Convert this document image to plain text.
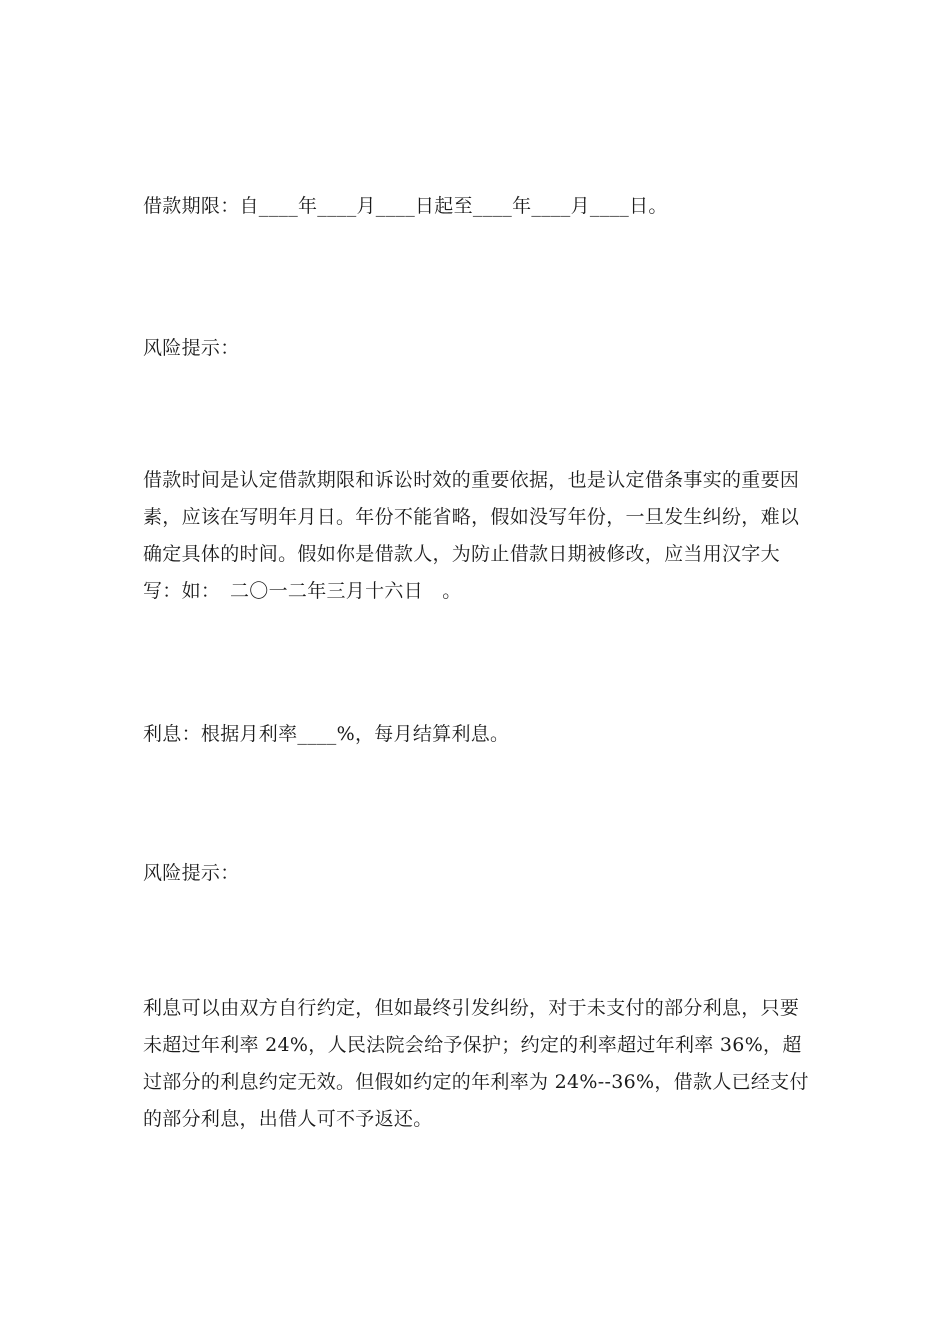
借款期限：自____年____月____日起至____年____月____日。

风险提示：

借款时间是认定借款期限和诉讼时效的重要依据，也是认定借条事实的重要因素，应该在写明年月日。年份不能省略，假如没写年份，一旦发生纠纷，难以确定具体的时间。假如你是借款人，为防止借款日期被修改，应当用汉字大写：如：　二〇一二年三月十六日　。

利息：根据月利率____%，每月结算利息。

风险提示：

利息可以由双方自行约定，但如最终引发纠纷，对于未支付的部分利息，只要未超过年利率 24%，人民法院会给予保护；约定的利率超过年利率 36%，超过部分的利息约定无效。但假如约定的年利率为 24%--36%，借款人已经支付的部分利息，出借人可不予返还。
